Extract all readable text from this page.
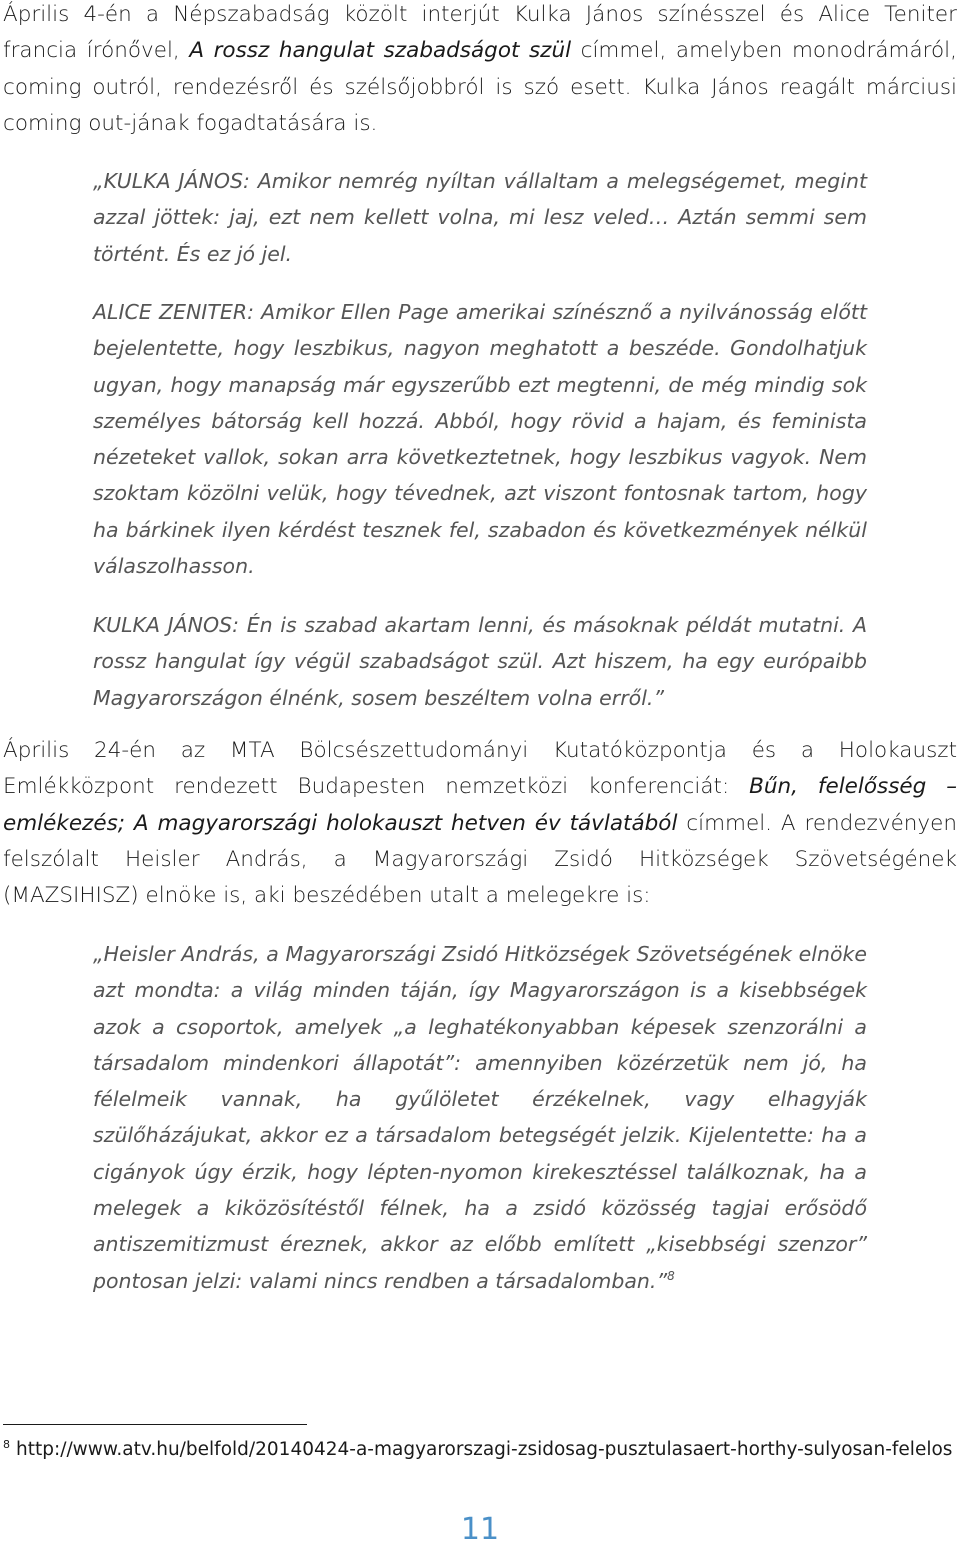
Április 4-én a Népszabadság közölt interjút Kulka János színésszel és Alice Teniter francia írónővel, A rossz hangulat szabadságot szül címmel, amelyben monodrámáról, coming outról, rendezésről és szélsőjobbról is szó esett. Kulka János reagált márciusi coming out-jának fogadtatására is.

„KULKA JÁNOS: Amikor nemrég nyíltan vállaltam a melegségemet, megint azzal jöttek: jaj, ezt nem kellett volna, mi lesz veled… Aztán semmi sem történt. És ez jó jel.

ALICE ZENITER: Amikor Ellen Page amerikai színésznő a nyilvánosság előtt bejelentette, hogy leszbikus, nagyon meghatott a beszéde. Gondolhatjuk ugyan, hogy manapság már egyszerűbb ezt megtenni, de még mindig sok személyes bátorság kell hozzá. Abból, hogy rövid a hajam, és feminista nézeteket vallok, sokan arra következtetnek, hogy leszbikus vagyok. Nem szoktam közölni velük, hogy tévednek, azt viszont fontosnak tartom, hogy ha bárkinek ilyen kérdést tesznek fel, szabadon és következmények nélkül válaszolhasson.

KULKA JÁNOS: Én is szabad akartam lenni, és másoknak példát mutatni. A rossz hangulat így végül szabadságot szül. Azt hiszem, ha egy európaibb Magyarországon élnénk, sosem beszéltem volna erről.”

Április 24-én az MTA Bölcsészettudományi Kutatóközpontja és a Holokauszt Emlékközpont rendezett Budapesten nemzetközi konferenciát: Bűn, felelősség – emlékezés; A magyarországi holokauszt hetven év távlatából címmel. A rendezvényen felszólalt Heisler András, a Magyarországi Zsidó Hitközségek Szövetségének (MAZSIHISZ) elnöke is, aki beszédében utalt a melegekre is:

„Heisler András, a Magyarországi Zsidó Hitközségek Szövetségének elnöke azt mondta: a világ minden táján, így Magyarországon is a kisebbségek azok a csoportok, amelyek „a leghatékonyabban képesek szenzorálni a társadalom mindenkori állapotát”: amennyiben közérzetük nem jó, ha félelmeik vannak, ha gyűlöletet érzékelnek, vagy elhagyják szülőházájukat, akkor ez a társadalom betegségét jelzik. Kijelentette: ha a cigányok úgy érzik, hogy lépten-nyomon kirekesztéssel találkoznak, ha a melegek a kiközösítéstől félnek, ha a zsidó közösség tagjai erősödő antiszemitizmust éreznek, akkor az előbb említett „kisebbségi szenzor” pontosan jelzi: valami nincs rendben a társadalomban.”$^8$

$^8$ http://www.atv.hu/belfold/20140424-a-magyarorszagi-zsidosag-pusztulasaert-horthy-sulyosan-felelos
11
